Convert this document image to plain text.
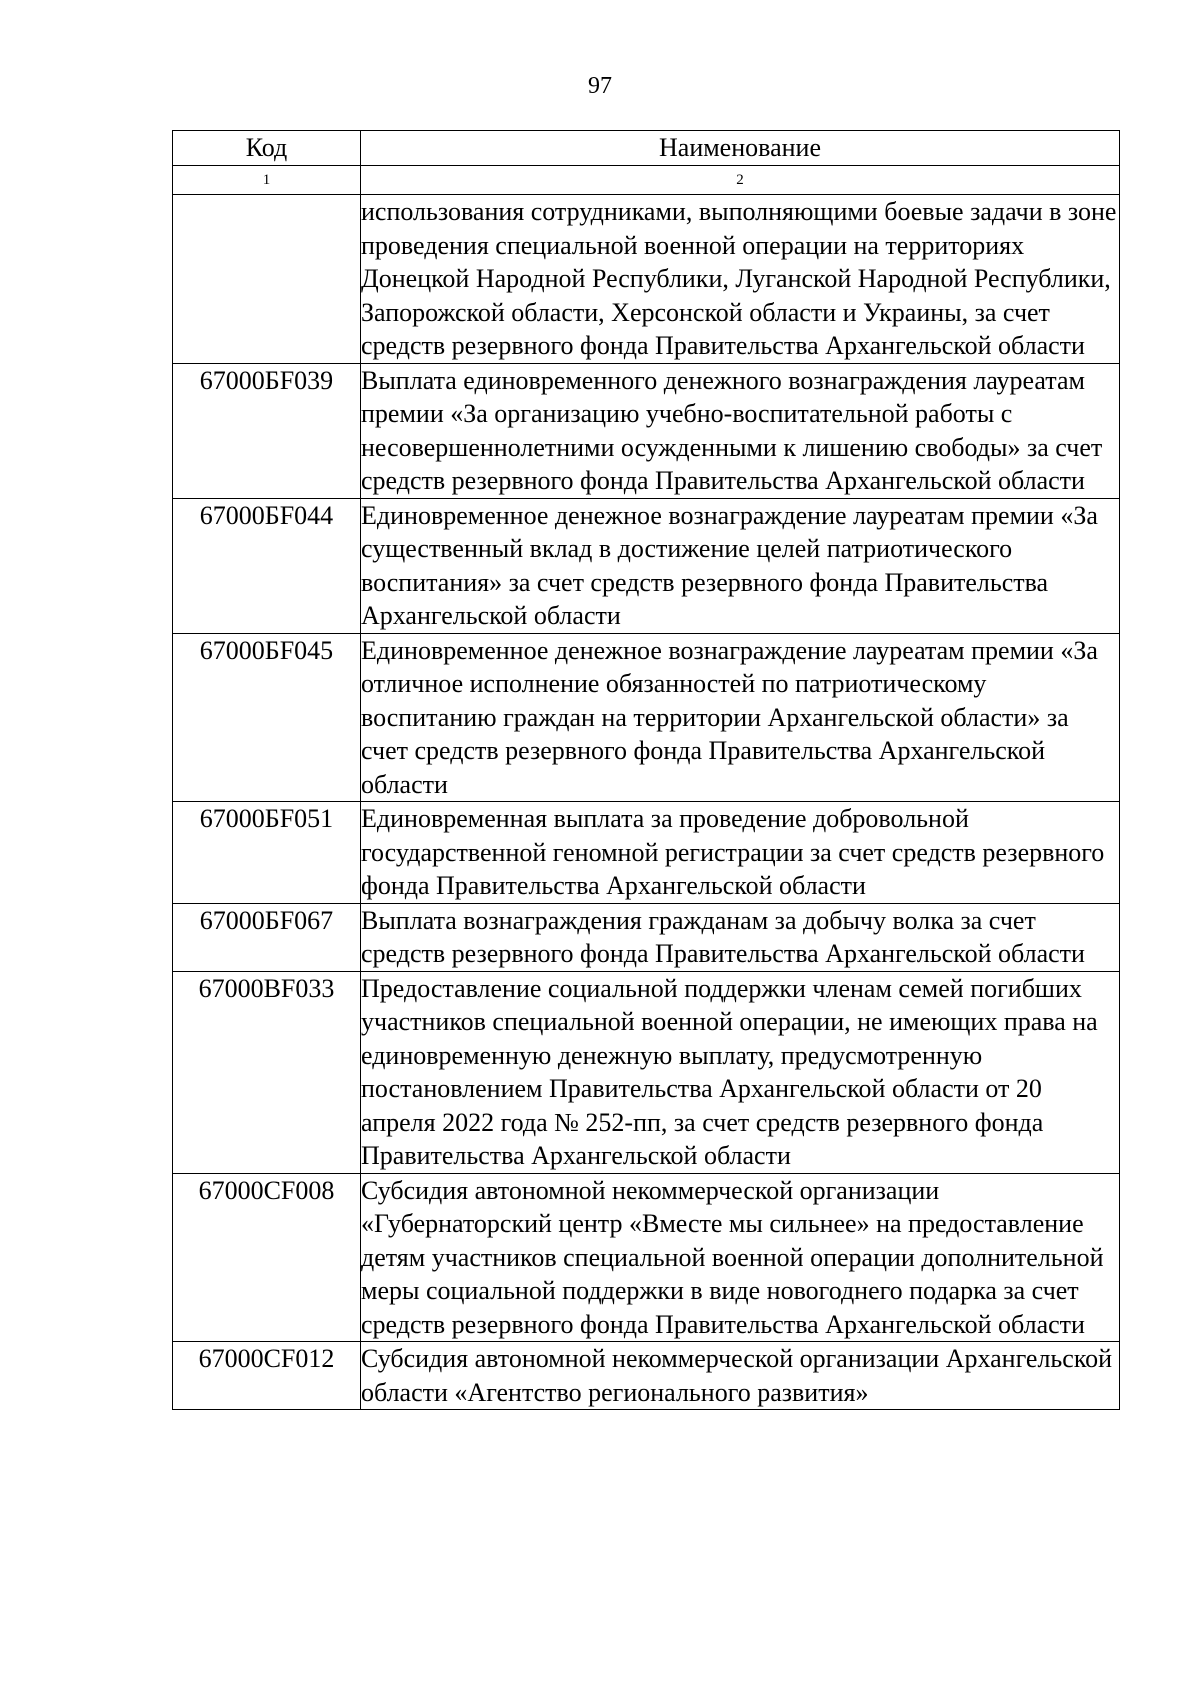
97
Код	Наименование
1	2
	использования сотрудниками, выполняющими боевые задачи в зоне проведения специальной военной операции на территориях Донецкой Народной Республики, Луганской Народной Республики, Запорожской области, Херсонской области и Украины, за счет средств резервного фонда Правительства Архангельской области
67000БF039	Выплата единовременного денежного вознаграждения лауреатам премии «За организацию учебно-воспитательной работы с несовершеннолетними осужденными к лишению свободы» за счет средств резервного фонда Правительства Архангельской области
67000БF044	Единовременное денежное вознаграждение лауреатам премии «За существенный вклад в достижение целей патриотического воспитания» за счет средств резервного фонда Правительства Архангельской области
67000БF045	Единовременное денежное вознаграждение лауреатам премии «За отличное исполнение обязанностей по патриотическому воспитанию граждан на территории Архангельской области» за счет средств резервного фонда Правительства Архангельской области
67000БF051	Единовременная выплата за проведение добровольной государственной геномной регистрации за счет средств резервного фонда Правительства Архангельской области
67000БF067	Выплата вознаграждения гражданам за добычу волка за счет средств резервного фонда Правительства Архангельской области
67000ВF033	Предоставление социальной поддержки членам семей погибших участников специальной военной операции, не имеющих права на единовременную денежную выплату, предусмотренную постановлением Правительства Архангельской области от 20 апреля 2022 года № 252-пп, за счет средств резервного фонда Правительства Архангельской области
67000СF008	Субсидия автономной некоммерческой организации «Губернаторский центр «Вместе мы сильнее» на предоставление детям участников специальной военной операции дополнительной меры социальной поддержки в виде новогоднего подарка за счет средств резервного фонда Правительства Архангельской области
67000СF012	Субсидия автономной некоммерческой организации Архангельской области «Агентство регионального развития»
